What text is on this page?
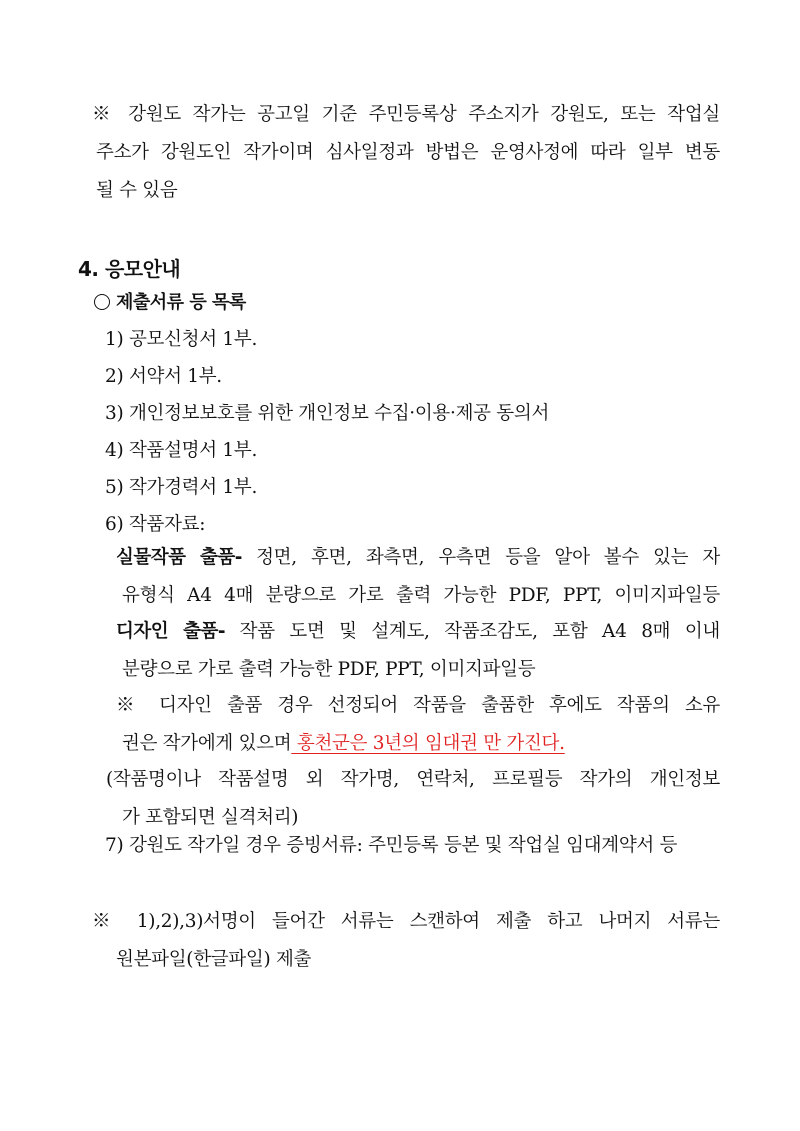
※ 강원도 작가는 공고일 기준 주민등록상 주소지가 강원도, 또는 작업실
주소가 강원도인 작가이며 심사일정과 방법은 운영사정에 따라 일부 변동
될 수 있음
4. 응모안내
제출서류 등 목록
1) 공모신청서 1부.
2) 서약서 1부.
3) 개인정보보호를 위한 개인정보 수집·이용·제공 동의서
4) 작품설명서 1부.
5) 작가경력서 1부.
6) 작품자료:
실물작품 출품- 정면, 후면, 좌측면, 우측면 등을 알아 볼수 있는 자
유형식 A4 4매 분량으로 가로 출력 가능한 PDF, PPT, 이미지파일등
디자인 출품- 작품 도면 및 설계도, 작품조감도, 포함 A4 8매 이내
분량으로 가로 출력 가능한 PDF, PPT, 이미지파일등
※ 디자인 출품 경우 선정되어 작품을 출품한 후에도 작품의 소유
권은 작가에게 있으며 홍천군은 3년의 임대권 만 가진다.
(작품명이나 작품설명 외 작가명, 연락처, 프로필등 작가의 개인정보
가 포함되면 실격처리)
7) 강원도 작가일 경우 증빙서류: 주민등록 등본 및 작업실 임대계약서 등
※ 1),2),3)서명이 들어간 서류는 스캔하여 제출 하고 나머지 서류는
원본파일(한글파일) 제출
